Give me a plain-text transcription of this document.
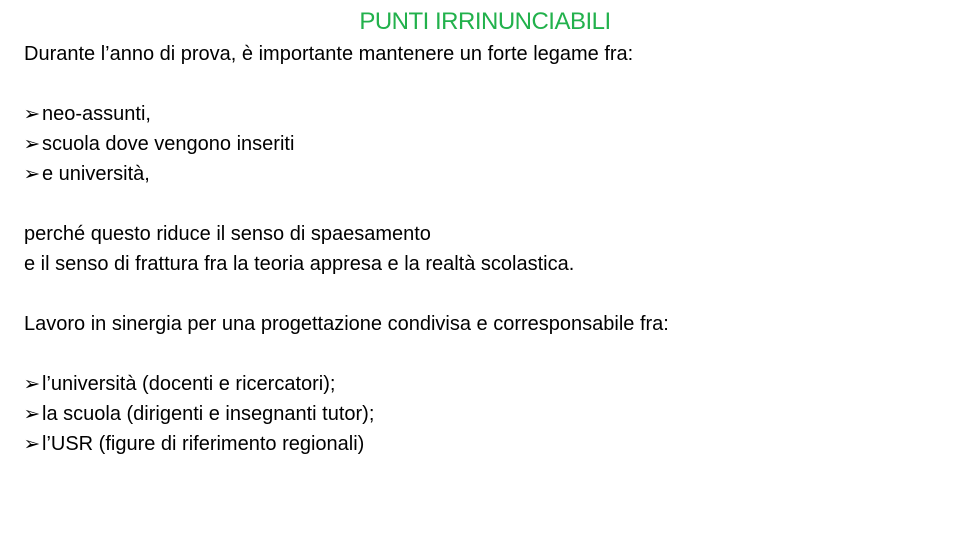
PUNTI IRRINUNCIABILI
Durante l’anno di prova, è importante mantenere un forte legame fra:
➢ neo-assunti,
➢ scuola dove vengono inseriti
➢ e università,
perché questo riduce il senso di spaesamento
e il senso di frattura fra la teoria appresa e la realtà scolastica.
Lavoro in sinergia per una progettazione condivisa e corresponsabile fra:
➢ l’università (docenti e ricercatori);
➢ la scuola (dirigenti e insegnanti tutor);
➢ l’USR (figure di riferimento regionali)
